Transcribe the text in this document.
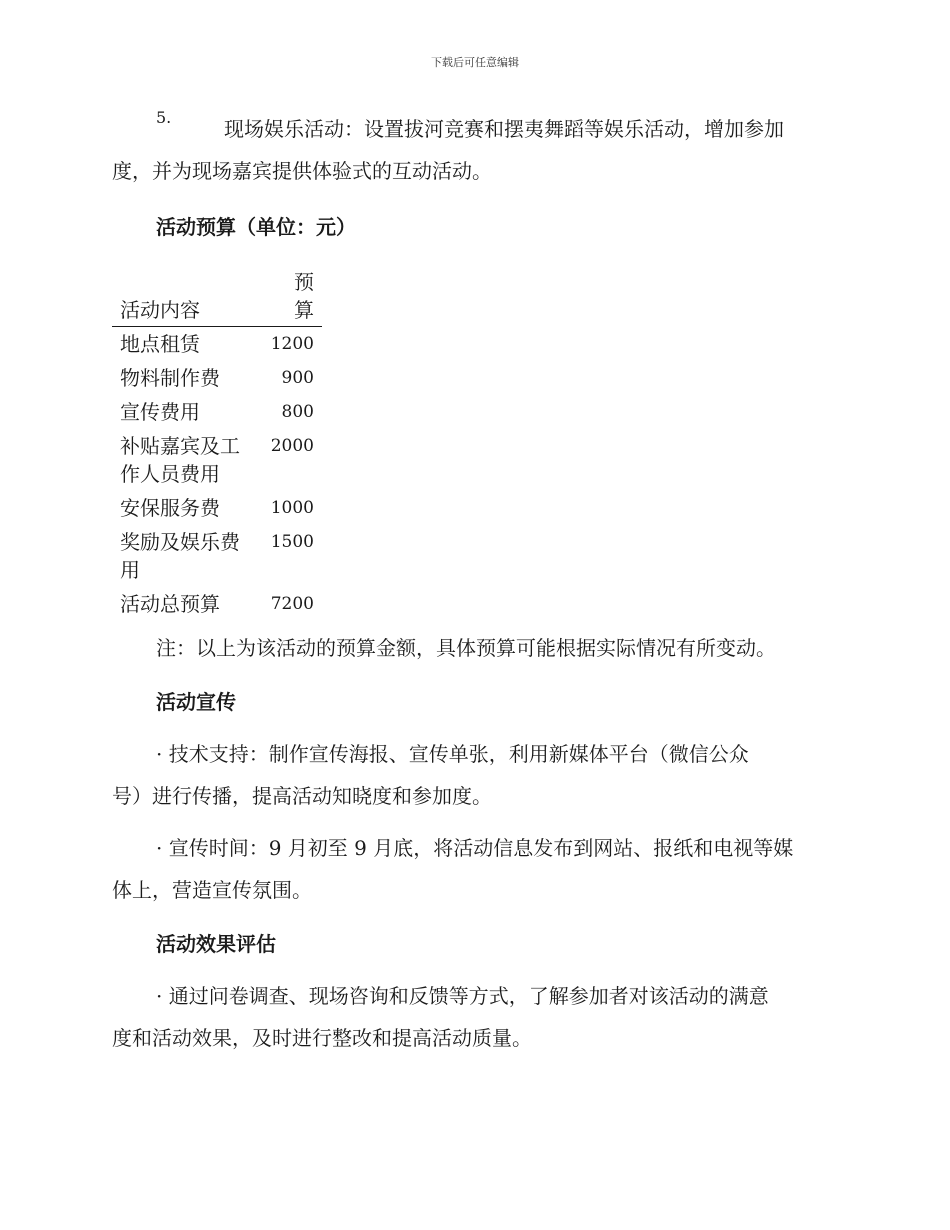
下载后可任意编辑
5.	现场娱乐活动：设置拔河竞赛和摆夷舞蹈等娱乐活动，增加参加

度，并为现场嘉宾提供体验式的互动活动。

活动预算（单位：元）
活动内容	预
算

地点租赁	1200
物料制作费	900
宣传费用	800
补贴嘉宾及工作人员费用	2000
安保服务费	1000
奖励及娱乐费用	1500
活动总预算	7200

注：以上为该活动的预算金额，具体预算可能根据实际情况有所变动。

活动宣传

· 技术支持：制作宣传海报、宣传单张，利用新媒体平台（微信公众

号）进行传播，提高活动知晓度和参加度。

· 宣传时间：9 月初至 9 月底，将活动信息发布到网站、报纸和电视等媒

体上，营造宣传氛围。

活动效果评估

· 通过问卷调查、现场咨询和反馈等方式，了解参加者对该活动的满意

度和活动效果，及时进行整改和提高活动质量。
